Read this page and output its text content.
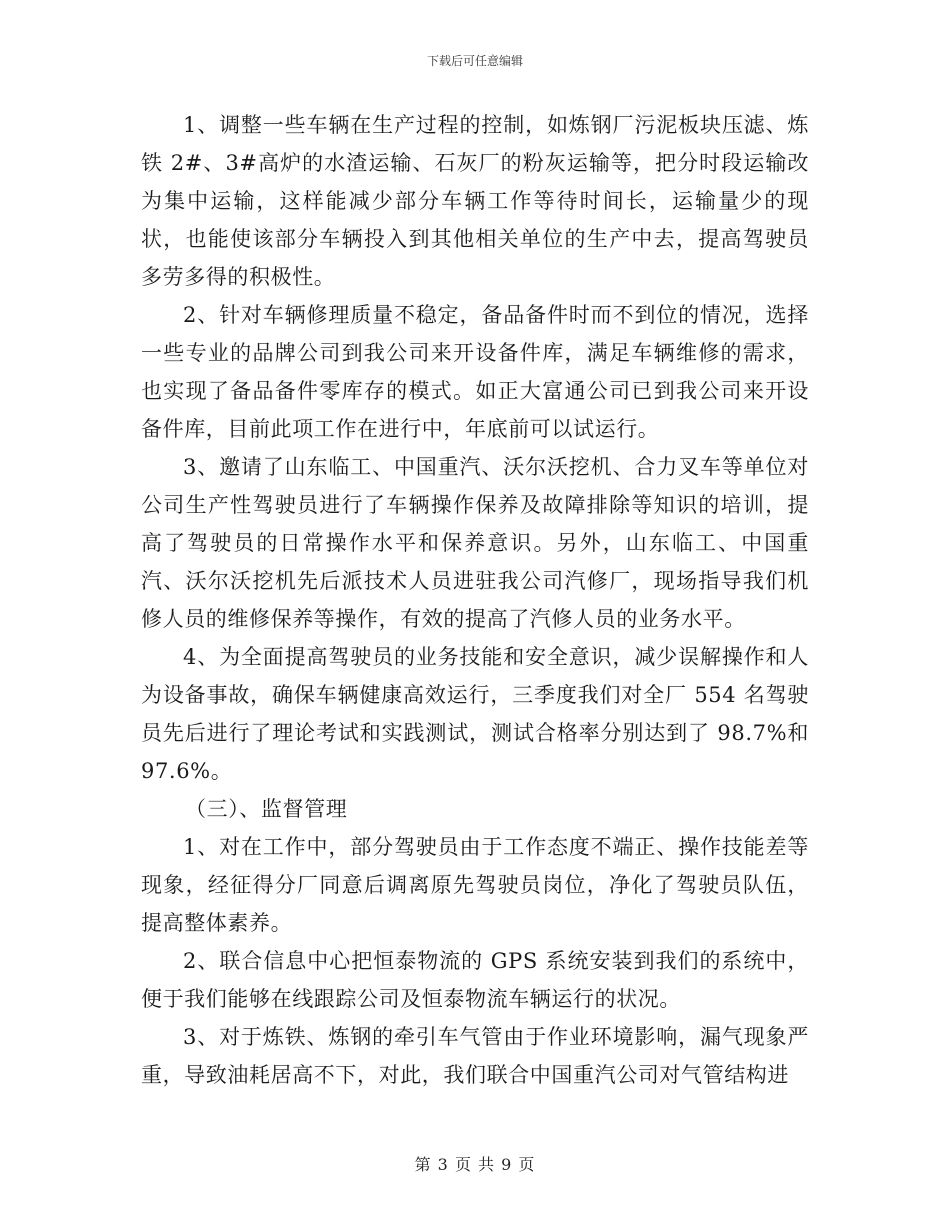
下载后可任意编辑

1、调整一些车辆在生产过程的控制，如炼钢厂污泥板块压滤、炼铁 2#、3#高炉的水渣运输、石灰厂的粉灰运输等，把分时段运输改为集中运输，这样能减少部分车辆工作等待时间长，运输量少的现状，也能使该部分车辆投入到其他相关单位的生产中去，提高驾驶员多劳多得的积极性。

2、针对车辆修理质量不稳定，备品备件时而不到位的情况，选择一些专业的品牌公司到我公司来开设备件库，满足车辆维修的需求，也实现了备品备件零库存的模式。如正大富通公司已到我公司来开设备件库，目前此项工作在进行中，年底前可以试运行。

3、邀请了山东临工、中国重汽、沃尔沃挖机、合力叉车等单位对公司生产性驾驶员进行了车辆操作保养及故障排除等知识的培训，提高了驾驶员的日常操作水平和保养意识。另外，山东临工、中国重汽、沃尔沃挖机先后派技术人员进驻我公司汽修厂，现场指导我们机修人员的维修保养等操作，有效的提高了汽修人员的业务水平。

4、为全面提高驾驶员的业务技能和安全意识，减少误解操作和人为设备事故，确保车辆健康高效运行，三季度我们对全厂 554 名驾驶员先后进行了理论考试和实践测试，测试合格率分别达到了 98.7%和 97.6%。

（三）、监督管理

1、对在工作中，部分驾驶员由于工作态度不端正、操作技能差等现象，经征得分厂同意后调离原先驾驶员岗位，净化了驾驶员队伍，提高整体素养。

2、联合信息中心把恒泰物流的 GPS 系统安装到我们的系统中，便于我们能够在线跟踪公司及恒泰物流车辆运行的状况。

3、对于炼铁、炼钢的牵引车气管由于作业环境影响，漏气现象严重，导致油耗居高不下，对此，我们联合中国重汽公司对气管结构进

第 3 页 共 9 页
